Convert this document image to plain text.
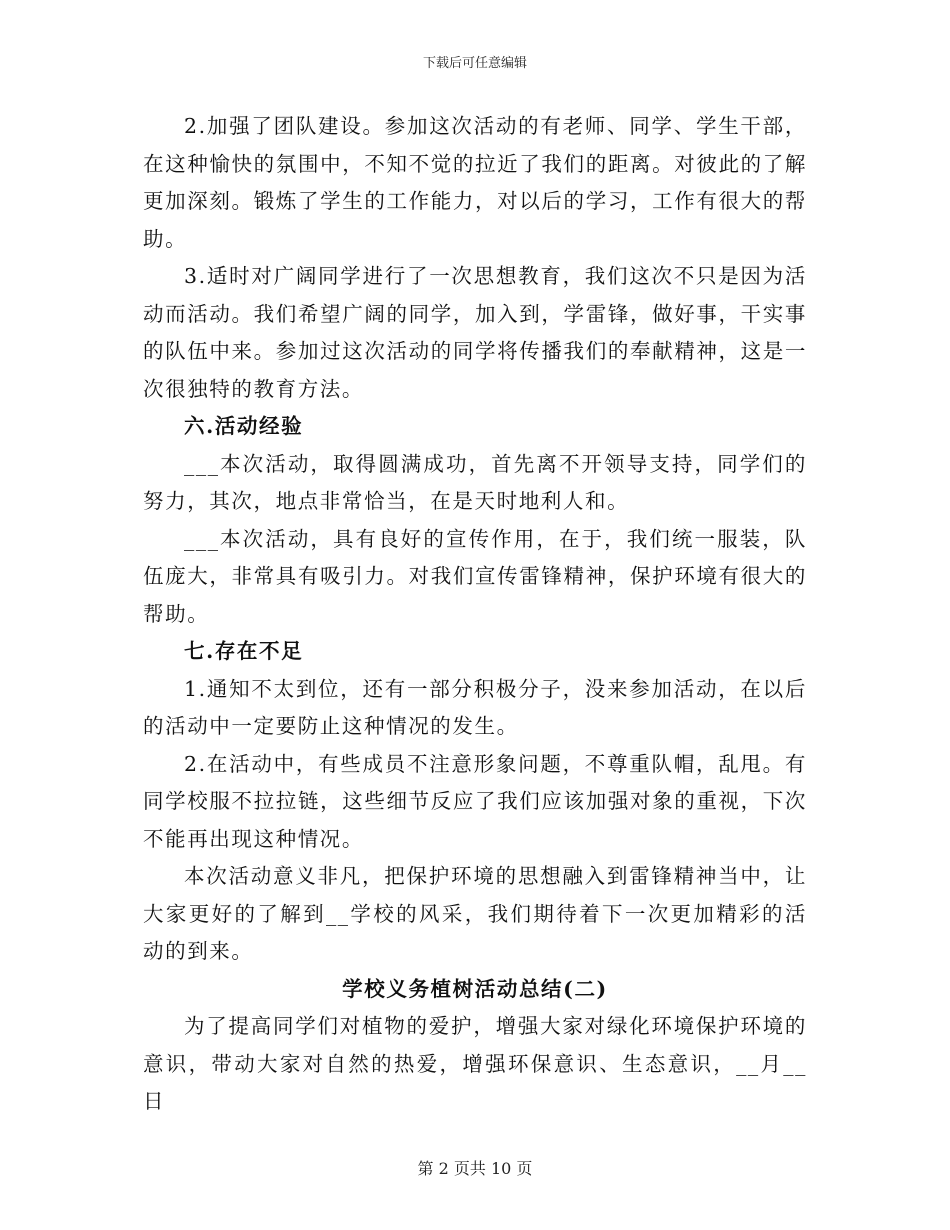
下载后可任意编辑

2.加强了团队建设。参加这次活动的有老师、同学、学生干部，在这种愉快的氛围中，不知不觉的拉近了我们的距离。对彼此的了解更加深刻。锻炼了学生的工作能力，对以后的学习，工作有很大的帮助。

3.适时对广阔同学进行了一次思想教育，我们这次不只是因为活动而活动。我们希望广阔的同学，加入到，学雷锋，做好事，干实事的队伍中来。参加过这次活动的同学将传播我们的奉献精神，这是一次很独特的教育方法。

六.活动经验

___本次活动，取得圆满成功，首先离不开领导支持，同学们的努力，其次，地点非常恰当，在是天时地利人和。

___本次活动，具有良好的宣传作用，在于，我们统一服装，队伍庞大，非常具有吸引力。对我们宣传雷锋精神，保护环境有很大的帮助。

七.存在不足

1.通知不太到位，还有一部分积极分子，没来参加活动，在以后的活动中一定要防止这种情况的发生。

2.在活动中，有些成员不注意形象问题，不尊重队帽，乱甩。有同学校服不拉拉链，这些细节反应了我们应该加强对象的重视，下次不能再出现这种情况。

本次活动意义非凡，把保护环境的思想融入到雷锋精神当中，让大家更好的了解到__学校的风采，我们期待着下一次更加精彩的活动的到来。

学校义务植树活动总结(二)

为了提高同学们对植物的爱护，增强大家对绿化环境保护环境的意识，带动大家对自然的热爱，增强环保意识、生态意识，__月__日

第 2 页共 10 页
